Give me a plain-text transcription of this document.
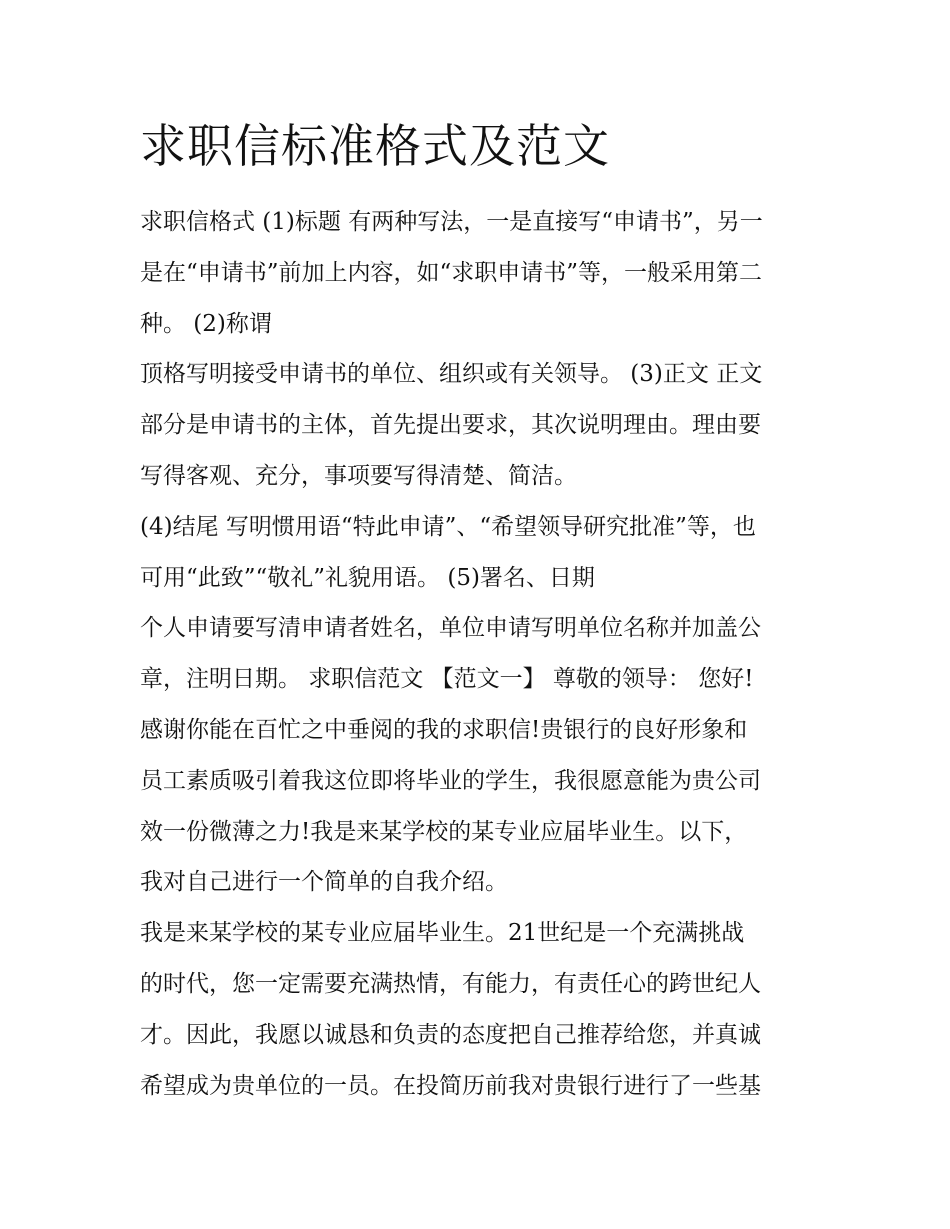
求职信标准格式及范文
求职信格式 (1)标题 有两种写法，一是直接写“申请书”，另一
是在“申请书”前加上内容，如“求职申请书”等，一般采用第二
种。 (2)称谓
顶格写明接受申请书的单位、组织或有关领导。 (3)正文 正文
部分是申请书的主体，首先提出要求，其次说明理由。理由要
写得客观、充分，事项要写得清楚、简洁。
(4)结尾 写明惯用语“特此申请”、“希望领导研究批准”等，也
可用“此致”“敬礼”礼貌用语。 (5)署名、日期
个人申请要写清申请者姓名，单位申请写明单位名称并加盖公
章，注明日期。 求职信范文 【范文一】 尊敬的领导： 您好!
感谢你能在百忙之中垂阅的我的求职信!贵银行的良好形象和
员工素质吸引着我这位即将毕业的学生，我很愿意能为贵公司
效一份微薄之力!我是来某学校的某专业应届毕业生。以下，
我对自己进行一个简单的自我介绍。
我是来某学校的某专业应届毕业生。21世纪是一个充满挑战
的时代，您一定需要充满热情，有能力，有责任心的跨世纪人
才。因此，我愿以诚恳和负责的态度把自己推荐给您，并真诚
希望成为贵单位的一员。在投简历前我对贵银行进行了一些基
